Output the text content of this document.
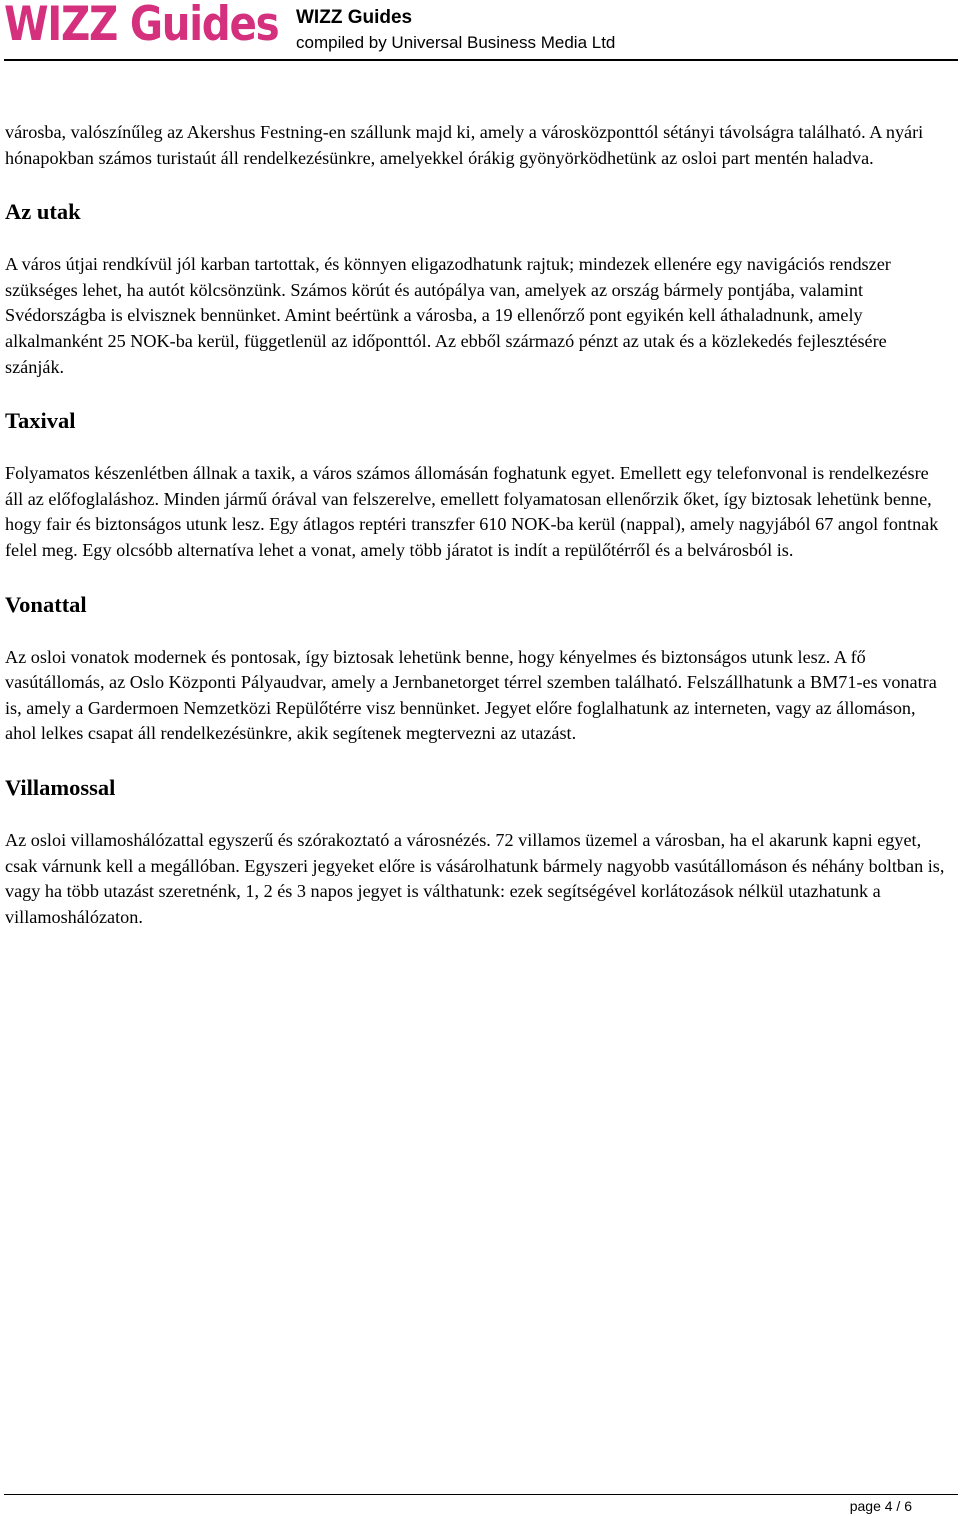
WIZZ Guides WIZZ Guides
compiled by Universal Business Media Ltd

városba, valószínűleg az Akershus Festning-en szállunk majd ki, amely a városközponttól sétányi távolságra található. A nyári hónapokban számos turistaút áll rendelkezésünkre, amelyekkel órákig gyönyörködhetünk az osloi part mentén haladva.

Az utak

A város útjai rendkívül jól karban tartottak, és könnyen eligazodhatunk rajtuk; mindezek ellenére egy navigációs rendszer szükséges lehet, ha autót kölcsönzünk. Számos körút és autópálya van, amelyek az ország bármely pontjába, valamint Svédországba is elvisznek bennünket. Amint beértünk a városba, a 19 ellenőrző pont egyikén kell áthaladnunk, amely alkalmanként 25 NOK-ba kerül, függetlenül az időponttól. Az ebből származó pénzt az utak és a közlekedés fejlesztésére szánják.

Taxival

Folyamatos készenlétben állnak a taxik, a város számos állomásán foghatunk egyet. Emellett egy telefonvonal is rendelkezésre áll az előfoglaláshoz. Minden jármű órával van felszerelve, emellett folyamatosan ellenőrzik őket, így biztosak lehetünk benne, hogy fair és biztonságos utunk lesz. Egy átlagos reptéri transzfer 610 NOK-ba kerül (nappal), amely nagyjából 67 angol fontnak felel meg. Egy olcsóbb alternatíva lehet a vonat, amely több járatot is indít a repülőtérről és a belvárosból is.

Vonattal

Az osloi vonatok modernek és pontosak, így biztosak lehetünk benne, hogy kényelmes és biztonságos utunk lesz. A fő vasútállomás, az Oslo Központi Pályaudvar, amely a Jernbanetorget térrel szemben található. Felszállhatunk a BM71-es vonatra is, amely a Gardermoen Nemzetközi Repülőtérre visz bennünket. Jegyet előre foglalhatunk az interneten, vagy az állomáson, ahol lelkes csapat áll rendelkezésünkre, akik segítenek megtervezni az utazást.

Villamossal

Az osloi villamoshálózattal egyszerű és szórakoztató a városnézés. 72 villamos üzemel a városban, ha el akarunk kapni egyet, csak várnunk kell a megállóban. Egyszeri jegyeket előre is vásárolhatunk bármely nagyobb vasútállomáson és néhány boltban is, vagy ha több utazást szeretnénk, 1, 2 és 3 napos jegyet is válthatunk: ezek segítségével korlátozások nélkül utazhatunk a villamoshálózaton.

page 4 / 6
